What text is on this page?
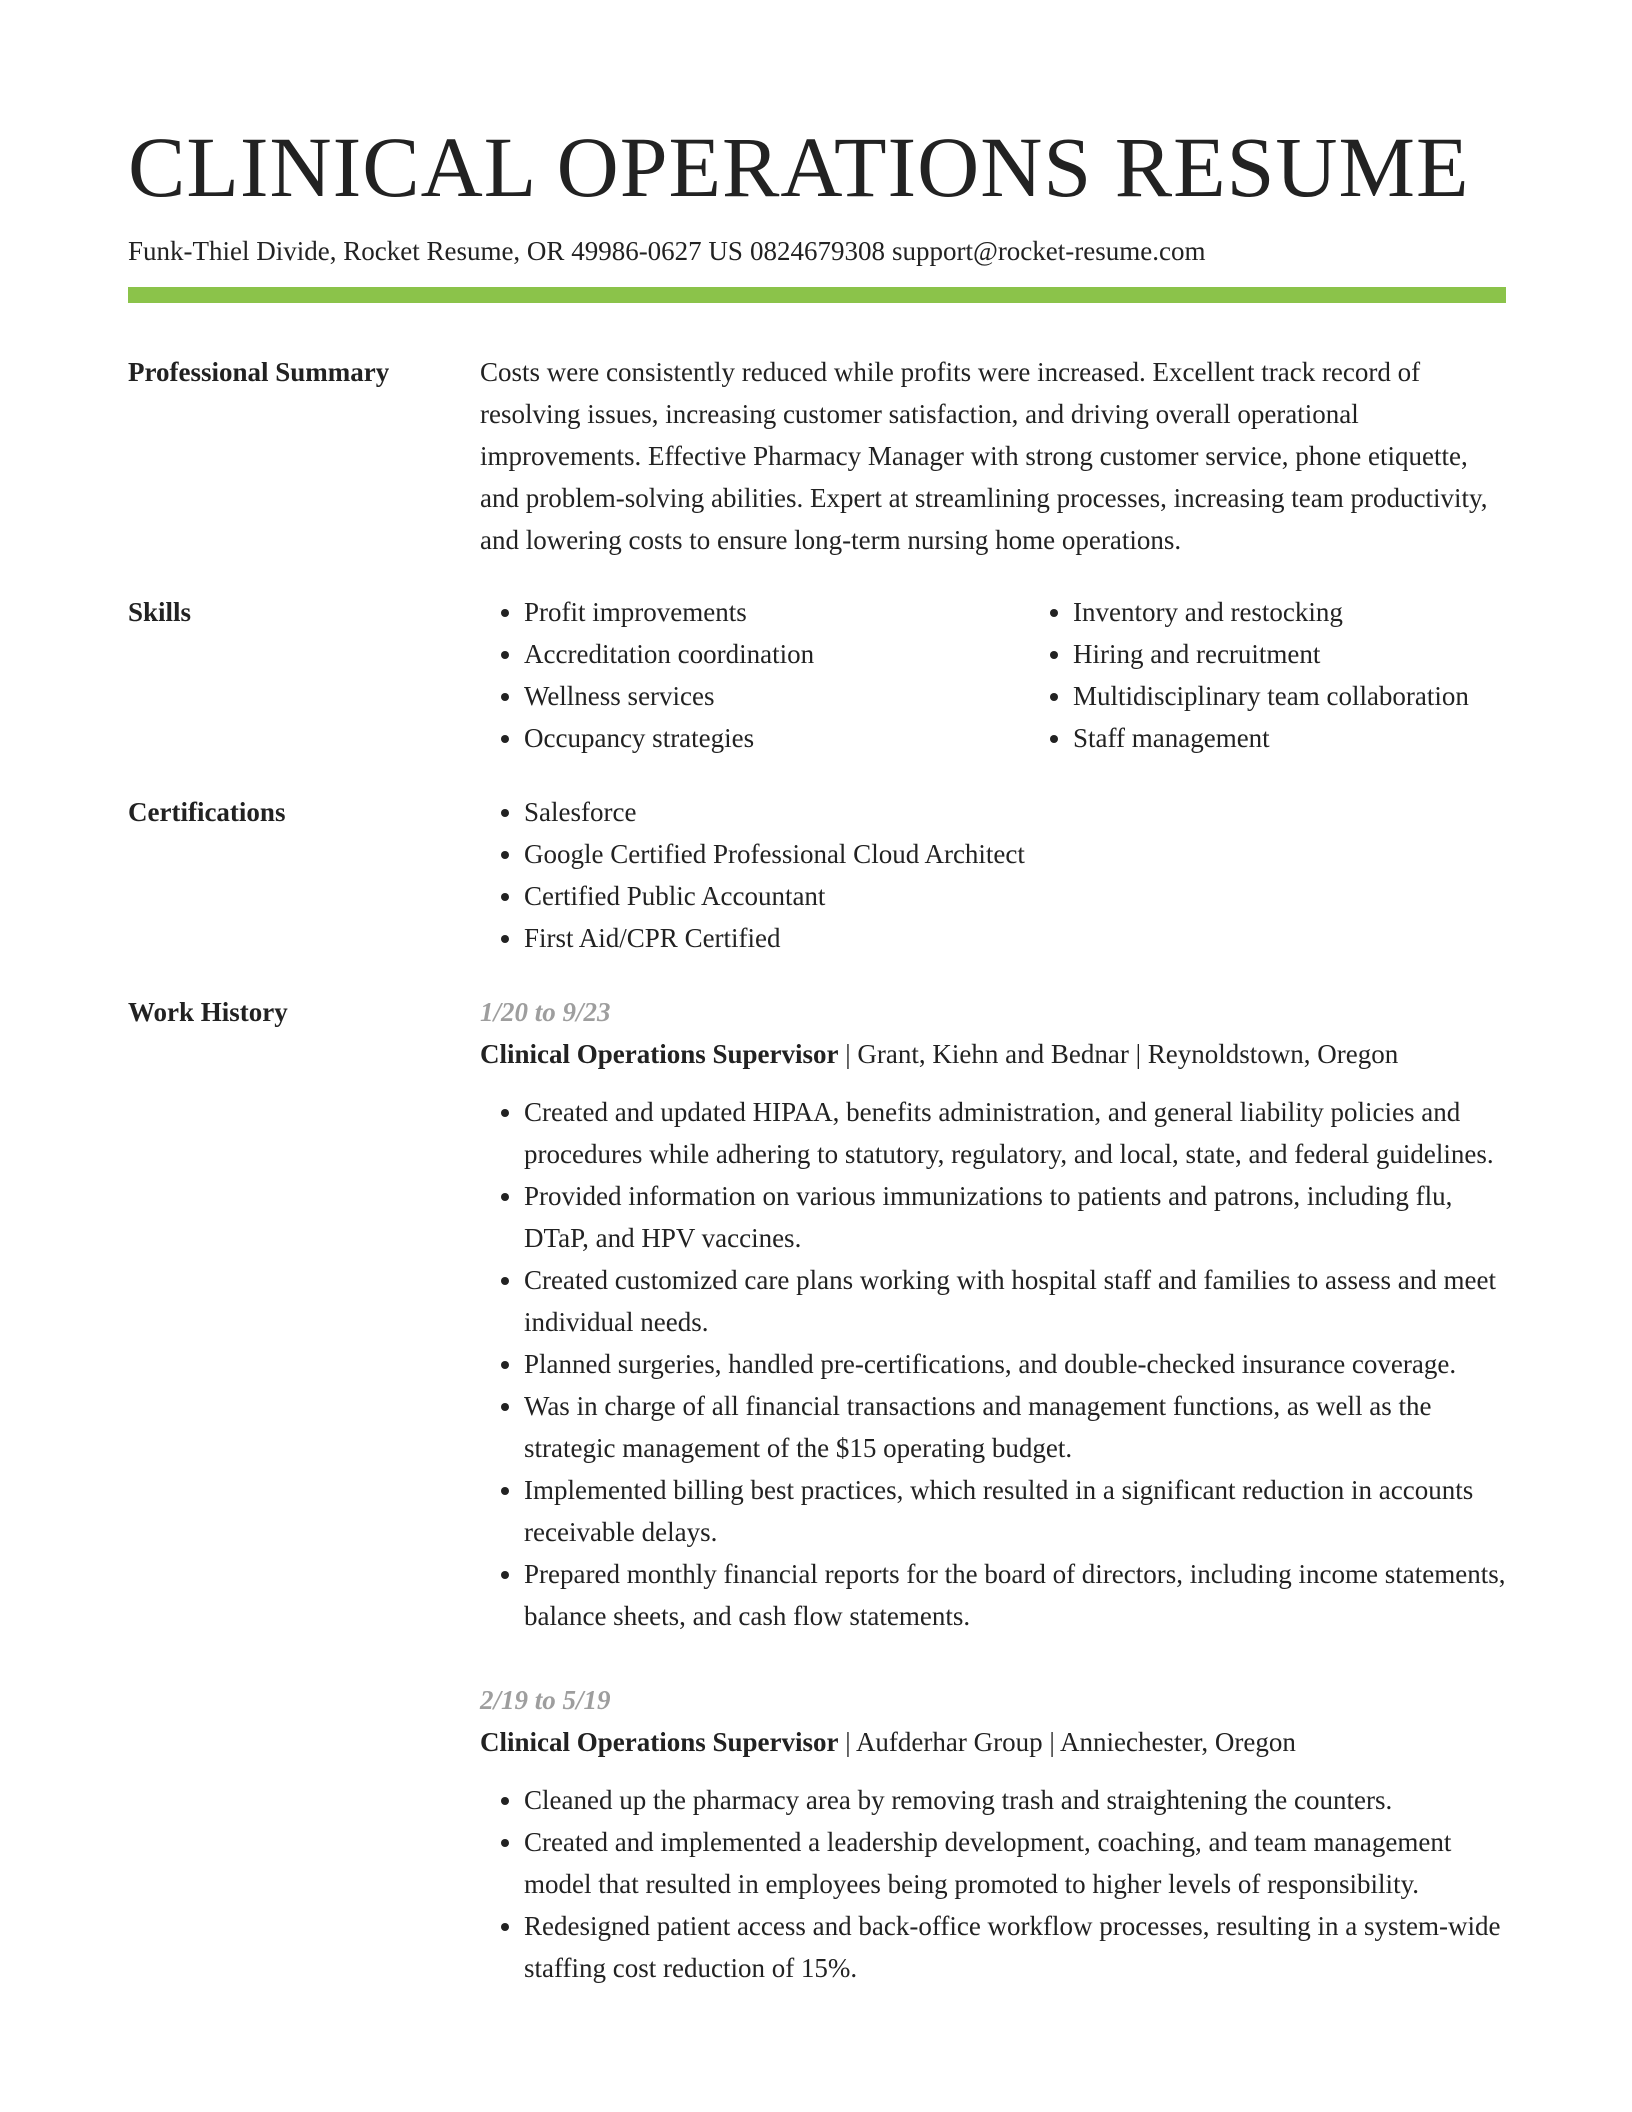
CLINICAL OPERATIONS RESUME
Funk-Thiel Divide, Rocket Resume, OR 49986-0627 US 0824679308 support@rocket-resume.com
Professional Summary	Costs were consistently reduced while profits were increased. Excellent track record of resolving issues, increasing customer satisfaction, and driving overall operational improvements. Effective Pharmacy Manager with strong customer service, phone etiquette, and problem-solving abilities. Expert at streamlining processes, increasing team productivity, and lowering costs to ensure long-term nursing home operations.

Skills	• Profit improvements
• Accreditation coordination
• Wellness services
• Occupancy strategies
• Inventory and restocking
• Hiring and recruitment
• Multidisciplinary team collaboration
• Staff management
Certifications	• Salesforce
• Google Certified Professional Cloud Architect
• Certified Public Accountant
• First Aid/CPR Certified
Work History	1/20 to 9/23
Clinical Operations Supervisor | Grant, Kiehn and Bednar | Reynoldstown, Oregon
• Created and updated HIPAA, benefits administration, and general liability policies and procedures while adhering to statutory, regulatory, and local, state, and federal guidelines.
• Provided information on various immunizations to patients and patrons, including flu, DTaP, and HPV vaccines.
• Created customized care plans working with hospital staff and families to assess and meet individual needs.
• Planned surgeries, handled pre-certifications, and double-checked insurance coverage.
• Was in charge of all financial transactions and management functions, as well as the strategic management of the $15 operating budget.
• Implemented billing best practices, which resulted in a significant reduction in accounts receivable delays.
• Prepared monthly financial reports for the board of directors, including income statements, balance sheets, and cash flow statements.
2/19 to 5/19
Clinical Operations Supervisor | Aufderhar Group | Anniechester, Oregon
• Cleaned up the pharmacy area by removing trash and straightening the counters.
• Created and implemented a leadership development, coaching, and team management model that resulted in employees being promoted to higher levels of responsibility.
• Redesigned patient access and back-office workflow processes, resulting in a system-wide staffing cost reduction of 15%.
